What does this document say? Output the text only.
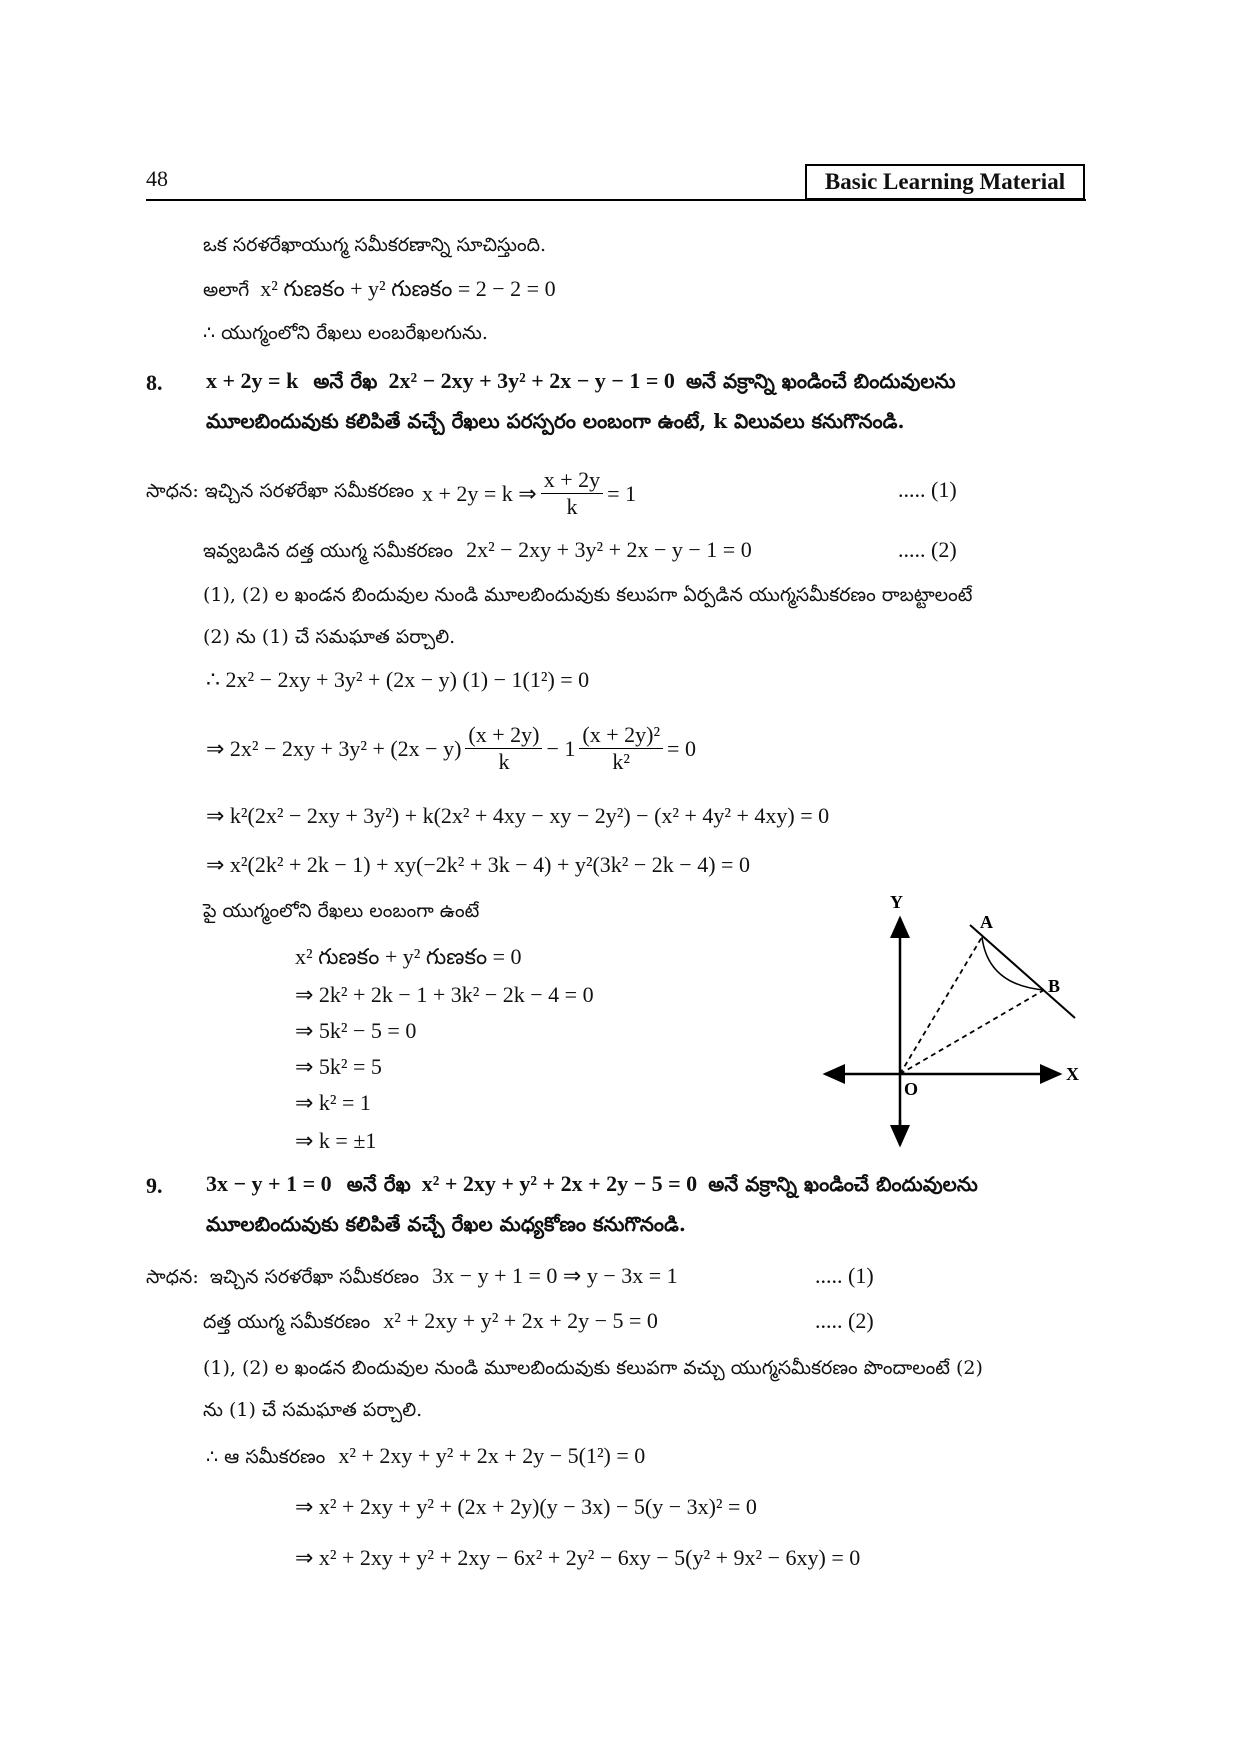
48	Basic Learning Material
ఒక సరళరేఖాయుగ్మ సమీకరణాన్ని సూచిస్తుంది.
అలాగే x² గుణకం + y² గుణకం = 2 − 2 = 0
∴ యుగ్మంలోని రేఖలు లంబరేఖలగును.
8. x + 2y = k అనే రేఖ 2x² − 2xy + 3y² + 2x − y − 1 = 0 అనే వక్రాన్ని ఖండించే బిందువులను
మూలబిందువుకు కలిపితే వచ్చే రేఖలు పరస్పరం లంబంగా ఉంటే, k విలువలు కనుగొనండి.
సాధన: ఇచ్చిన సరళరేఖా సమీకరణం x + 2y = k ⇒ $\frac{x + 2y}{k} = 1$	..... (1)
ఇవ్వబడిన దత్త యుగ్మ సమీకరణం 2x² − 2xy + 3y² + 2x − y − 1 = 0	..... (2)
(1), (2) ల ఖండన బిందువుల నుండి మూలబిందువుకు కలుపగా ఏర్పడిన యుగ్మసమీకరణం రాబట్టాలంటే
(2) ను (1) చే సమఘాత పర్చాలి.
∴ 2x² − 2xy + 3y² + (2x − y) (1) − 1(1²) = 0
⇒ $2x^2 - 2xy + 3y^2 + (2x - y) \frac{(x + 2y)}{k} - 1 \frac{\text{(x + 2y)²}}{\text{k²}} = 0$
⇒ k²(2x² − 2xy + 3y²) + k(2x² + 4xy − xy − 2y²) − (x² + 4y² + 4xy) = 0
⇒ x²(2k² + 2k − 1) + xy(−2k² + 3k − 4) + y²(3k² − 2k − 4) = 0
పై యుగ్మంలోని రేఖలు లంబంగా ఉంటే
x² గుణకం + y² గుణకం = 0
⇒ 2k² + 2k − 1 + 3k² − 2k − 4 = 0
⇒ 5k² − 5 = 0
⇒ 5k² = 5
⇒ k² = 1
⇒ k = ±1
Y
X
O
A
B
9. 3x − y + 1 = 0 అనే రేఖ x² + 2xy + y² + 2x + 2y − 5 = 0 అనే వక్రాన్ని ఖండించే బిందువులను
మూలబిందువుకు కలిపితే వచ్చే రేఖల మధ్యకోణం కనుగొనండి.
సాధన: ఇచ్చిన సరళరేఖా సమీకరణం 3x − y + 1 = 0 ⇒ y − 3x = 1	..... (1)
దత్త యుగ్మ సమీకరణం x² + 2xy + y² + 2x + 2y − 5 = 0	..... (2)
(1), (2) ల ఖండన బిందువుల నుండి మూలబిందువుకు కలుపగా వచ్చు యుగ్మసమీకరణం పొందాలంటే (2)
ను (1) చే సమఘాత పర్చాలి.
∴ ఆ సమీకరణం x² + 2xy + y² + 2x + 2y − 5(1²) = 0
⇒ x² + 2xy + y² + (2x + 2y)(y − 3x) − 5(y − 3x)² = 0
⇒ x² + 2xy + y² + 2xy − 6x² + 2y² − 6xy − 5(y² + 9x² − 6xy) = 0
